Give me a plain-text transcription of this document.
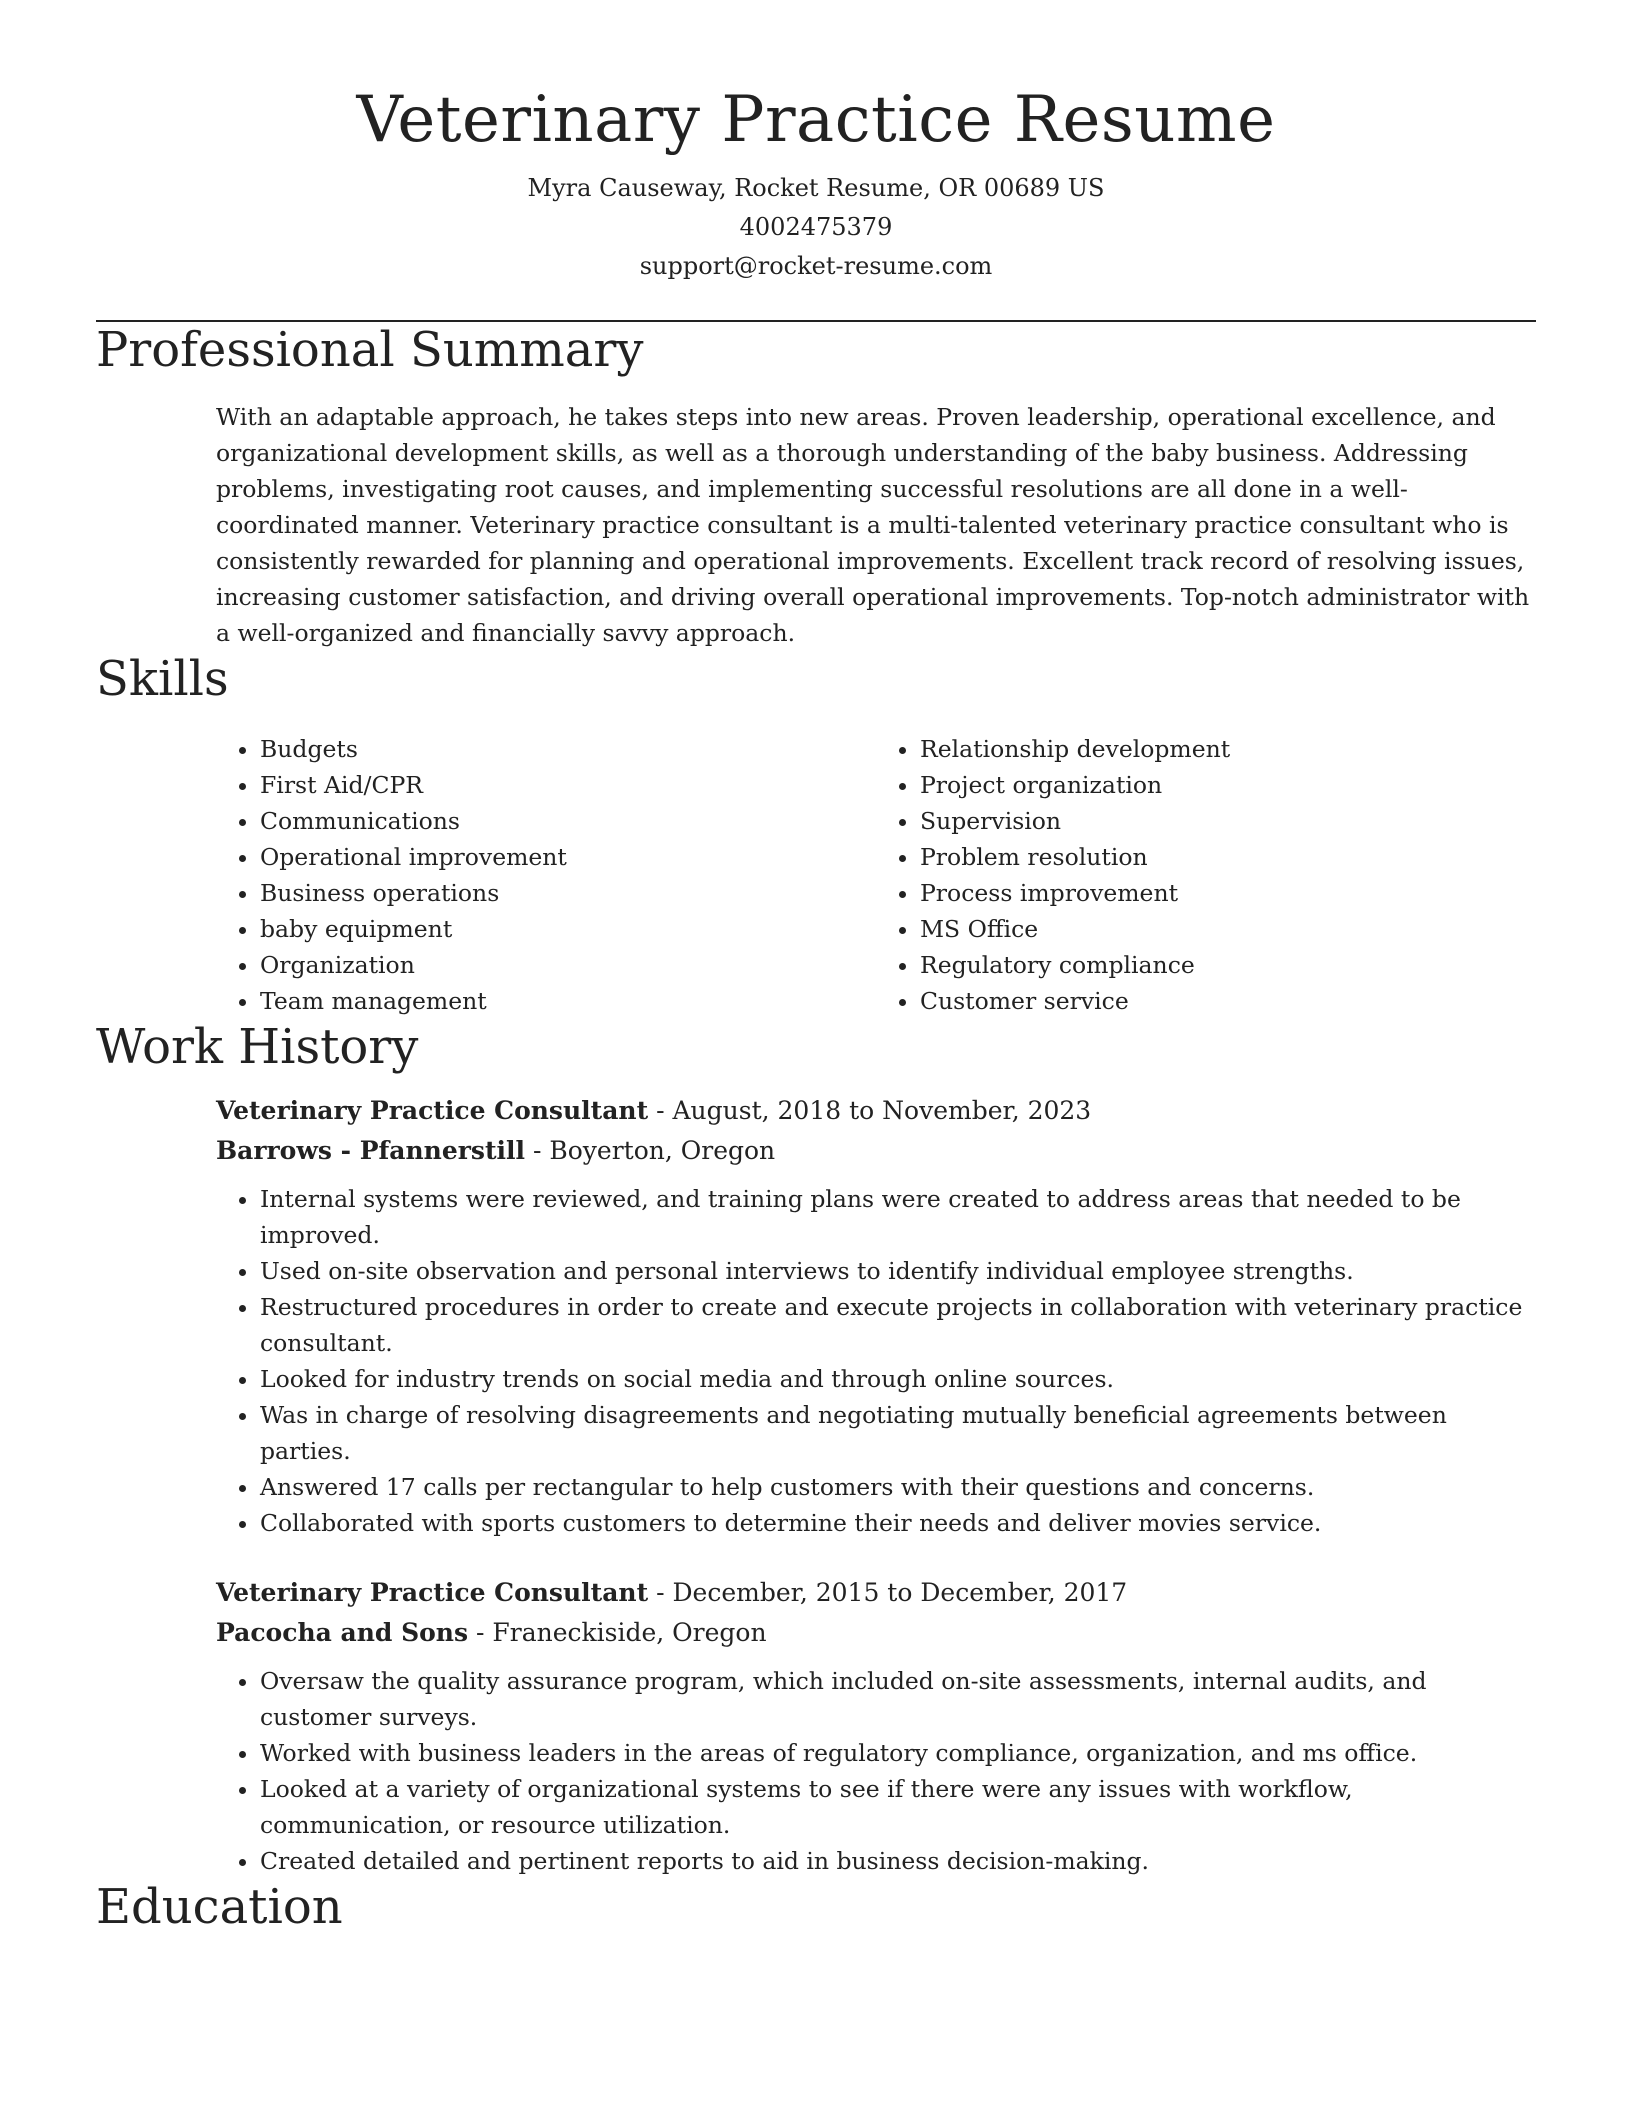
Veterinary Practice Resume
Myra Causeway, Rocket Resume, OR 00689 US
4002475379
support@rocket-resume.com
Professional Summary

With an adaptable approach, he takes steps into new areas. Proven leadership, operational excellence, and organizational development skills, as well as a thorough understanding of the baby business. Addressing problems, investigating root causes, and implementing successful resolutions are all done in a well-coordinated manner. Veterinary practice consultant is a multi-talented veterinary practice consultant who is consistently rewarded for planning and operational improvements. Excellent track record of resolving issues, increasing customer satisfaction, and driving overall operational improvements. Top-notch administrator with a well-organized and financially savvy approach.

Skills
• Budgets
• First Aid/CPR
• Communications
• Operational improvement
• Business operations
• baby equipment
• Organization
• Team management
• Relationship development
• Project organization
• Supervision
• Problem resolution
• Process improvement
• MS Office
• Regulatory compliance
• Customer service
Work History
Veterinary Practice Consultant - August, 2018 to November, 2023
Barrows - Pfannerstill - Boyerton, Oregon
• Internal systems were reviewed, and training plans were created to address areas that needed to be improved.
• Used on-site observation and personal interviews to identify individual employee strengths.
• Restructured procedures in order to create and execute projects in collaboration with veterinary practice consultant.
• Looked for industry trends on social media and through online sources.
• Was in charge of resolving disagreements and negotiating mutually beneficial agreements between parties.
• Answered 17 calls per rectangular to help customers with their questions and concerns.
• Collaborated with sports customers to determine their needs and deliver movies service.
Veterinary Practice Consultant - December, 2015 to December, 2017
Pacocha and Sons - Franeckiside, Oregon
• Oversaw the quality assurance program, which included on-site assessments, internal audits, and customer surveys.
• Worked with business leaders in the areas of regulatory compliance, organization, and ms office.
• Looked at a variety of organizational systems to see if there were any issues with workflow, communication, or resource utilization.
• Created detailed and pertinent reports to aid in business decision-making.
Education
